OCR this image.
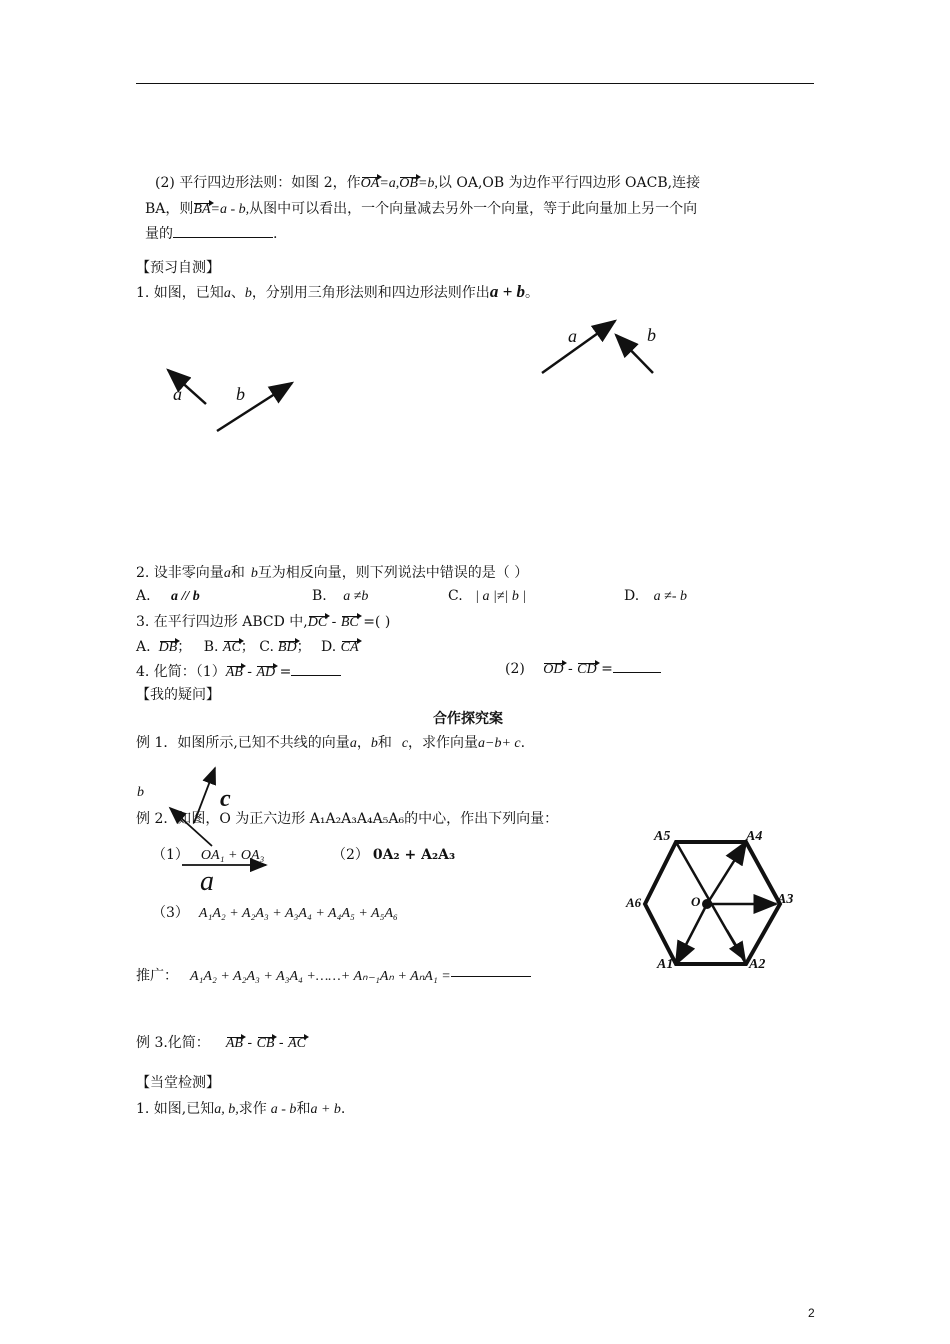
(2) 平行四边形法则：如图 2，作OA=a,OB=b,以 OA,OB 为边作平行四边形 OACB,连接
BA，则BA=a - b,从图中可以看出，一个向量减去另外一个向量，等于此向量加上另一个向
量的	.
【预习自测】
1. 如图，已知a、b，分别用三角形法则和四边形法则作出a + b。
a	b
a	b
2. 设非零向量a和 b互为相反向量，则下列说法中错误的是（ ）
A. a // b	B. a ≠b	C. | a |≠| b |	D. a ≠- b
3. 在平行四边形 ABCD 中,DC - BC =( )
A. DB； B. AC； C. BD； D. CA
4. 化简：（1）AB - AD =	(2) OD - CD =
【我的疑问】
合作探究案
例 1．如图所示,已知不共线的向量a，b和 c，求作向量a−b+ c.
b	c
a
例 2．如图，O 为正六边形 A₁A₂A₃A₄A₅A₆的中心，作出下列向量：
（1） OA₁ + OA₃	（2） 0A₂ + A₂A₃
（3） A₁A₂ + A₂A₃ + A₃A₄ + A₄A₅ + A₅A₆
推广： A₁A₂ + A₂A₃ + A₃A₄ +……+ Aₙ₋₁Aₙ + AₙA₁ =
A5	A4
A6	O	A3
A1	A2
例 3.化简： AB - CB - AC
【当堂检测】
1. 如图,已知a, b,求作 a - b和a + b.
2
